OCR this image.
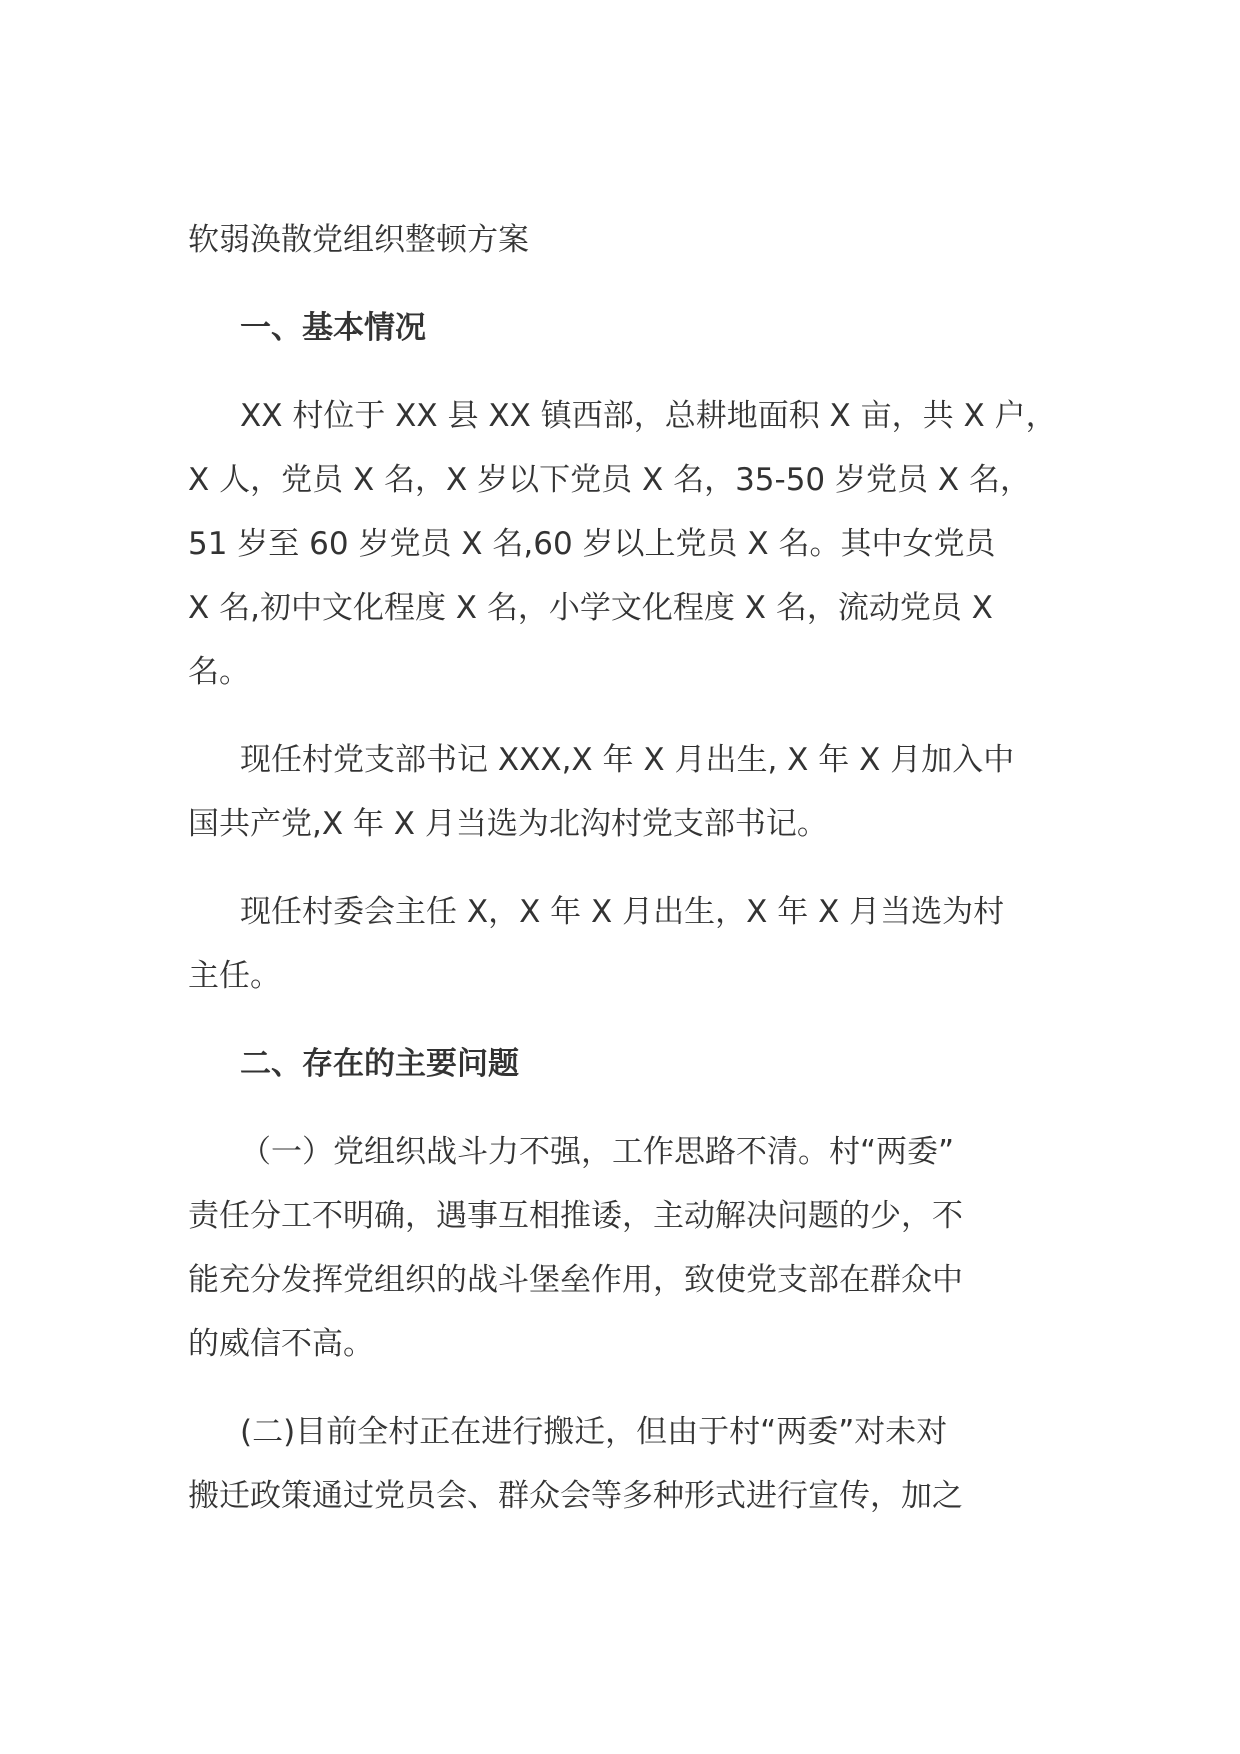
软弱涣散党组织整顿方案
一、基本情况
XX 村位于 XX 县 XX 镇西部，总耕地面积 X 亩，共 X 户，
X 人，党员 X 名，X 岁以下党员 X 名，35-50 岁党员 X 名，
51 岁至 60 岁党员 X 名,60 岁以上党员 X 名。其中女党员
X 名,初中文化程度 X 名，小学文化程度 X 名，流动党员 X
名。
现任村党支部书记 XXX,X 年 X 月出生, X 年 X 月加入中
国共产党,X 年 X 月当选为北沟村党支部书记。
现任村委会主任 X，X 年 X 月出生，X 年 X 月当选为村
主任。
二、存在的主要问题
（一）党组织战斗力不强，工作思路不清。村“两委”
责任分工不明确，遇事互相推诿，主动解决问题的少，不
能充分发挥党组织的战斗堡垒作用，致使党支部在群众中
的威信不高。
(二)目前全村正在进行搬迁，但由于村“两委”对未对
搬迁政策通过党员会、群众会等多种形式进行宣传，加之
